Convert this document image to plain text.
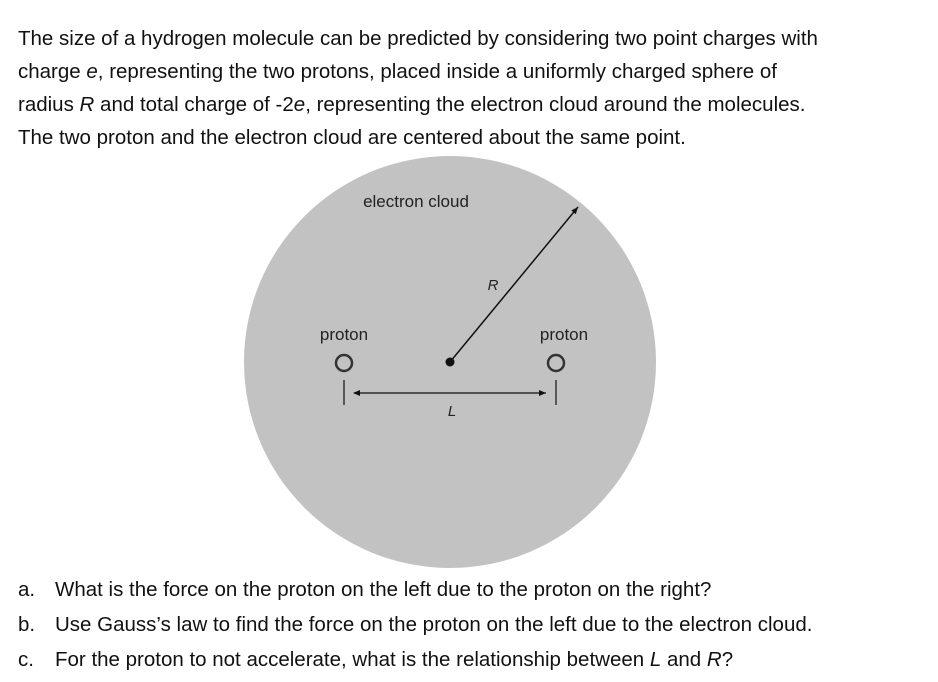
The size of a hydrogen molecule can be predicted by considering two point charges with
charge e, representing the two protons, placed inside a uniformly charged sphere of
radius R and total charge of -2e, representing the electron cloud around the molecules.
The two proton and the electron cloud are centered about the same point.
electron cloud
R
proton	proton
L
a. What is the force on the proton on the left due to the proton on the right?
b. Use Gauss’s law to find the force on the proton on the left due to the electron cloud.
c.	For the proton to not accelerate, what is the relationship between L and R?
